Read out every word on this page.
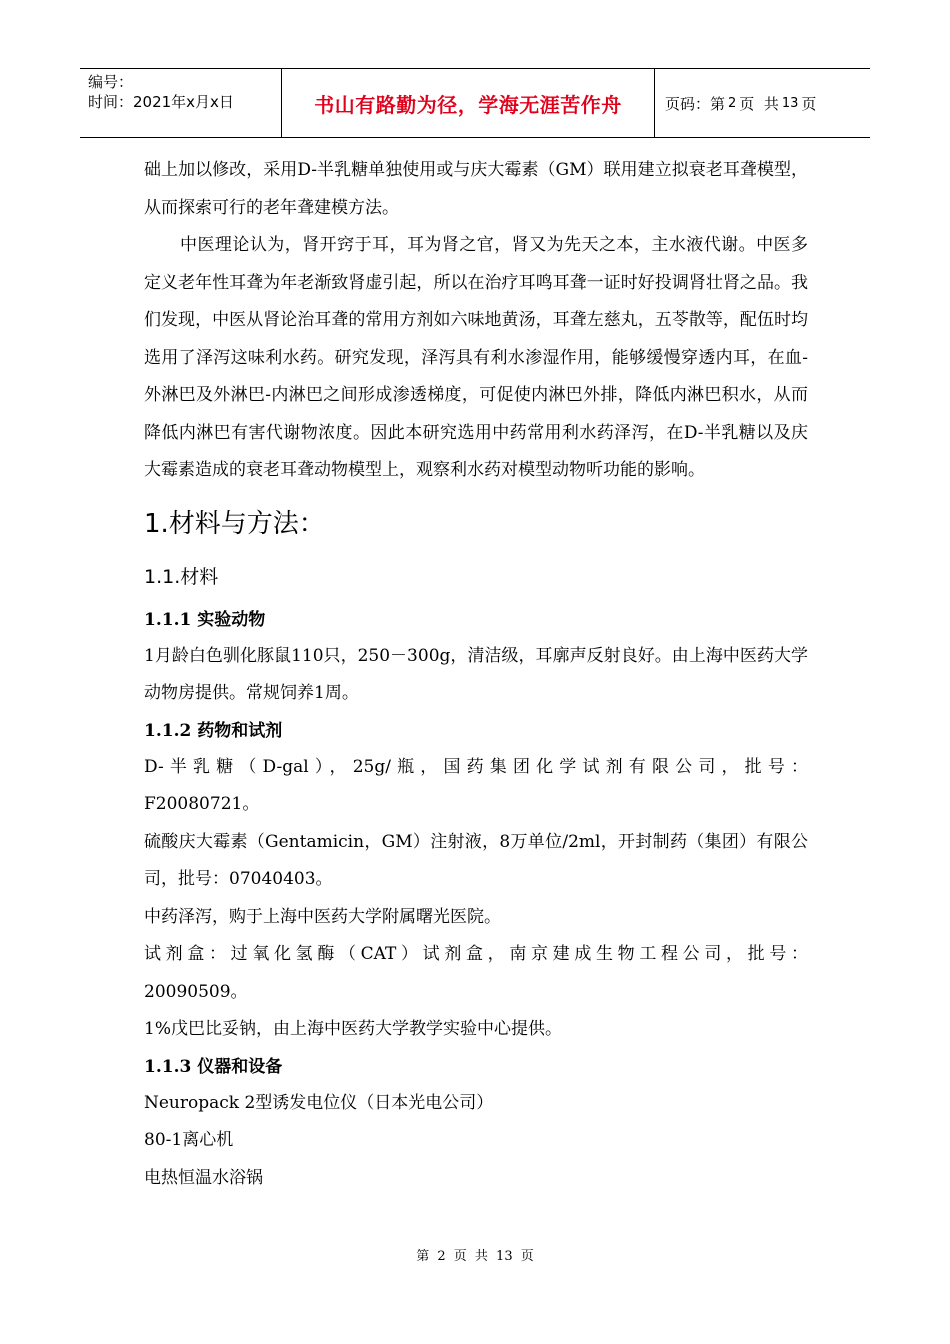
编号：
时间：2021年x月x日	书山有路勤为径，学海无涯苦作舟	页码：第 2 页  共 13 页

础上加以修改，采用D-半乳糖单独使用或与庆大霉素（GM）联用建立拟衰老耳聋模型，从而探索可行的老年聋建模方法。

中医理论认为，肾开窍于耳，耳为肾之官，肾又为先天之本，主水液代谢。中医多定义老年性耳聋为年老渐致肾虚引起，所以在治疗耳鸣耳聋一证时好投调肾壮肾之品。我们发现，中医从肾论治耳聋的常用方剂如六味地黄汤，耳聋左慈丸，五苓散等，配伍时均选用了泽泻这味利水药。研究发现，泽泻具有利水渗湿作用，能够缓慢穿透内耳，在血-外淋巴及外淋巴-内淋巴之间形成渗透梯度，可促使内淋巴外排，降低内淋巴积水，从而降低内淋巴有害代谢物浓度。因此本研究选用中药常用利水药泽泻，在D-半乳糖以及庆大霉素造成的衰老耳聋动物模型上，观察利水药对模型动物听功能的影响。

1.材料与方法：
1.1.材料
1.1.1 实验动物

1月龄白色驯化豚鼠110只，250－300g，清洁级，耳廓声反射良好。由上海中医药大学动物房提供。常规饲养1周。

1.1.2 药物和试剂

D-半乳糖（D-gal），25g/瓶，国药集团化学试剂有限公司，批号：

F20080721。

硫酸庆大霉素（Gentamicin，GM）注射液，8万单位/2ml，开封制药（集团）有限公司，批号：07040403。

中药泽泻，购于上海中医药大学附属曙光医院。

试剂盒：过氧化氢酶（CAT）试剂盒，南京建成生物工程公司，批号：

20090509。

1%戊巴比妥钠，由上海中医药大学教学实验中心提供。

1.1.3 仪器和设备

Neuropack 2型诱发电位仪（日本光电公司）

80-1离心机

电热恒温水浴锅

第 2 页 共 13 页
